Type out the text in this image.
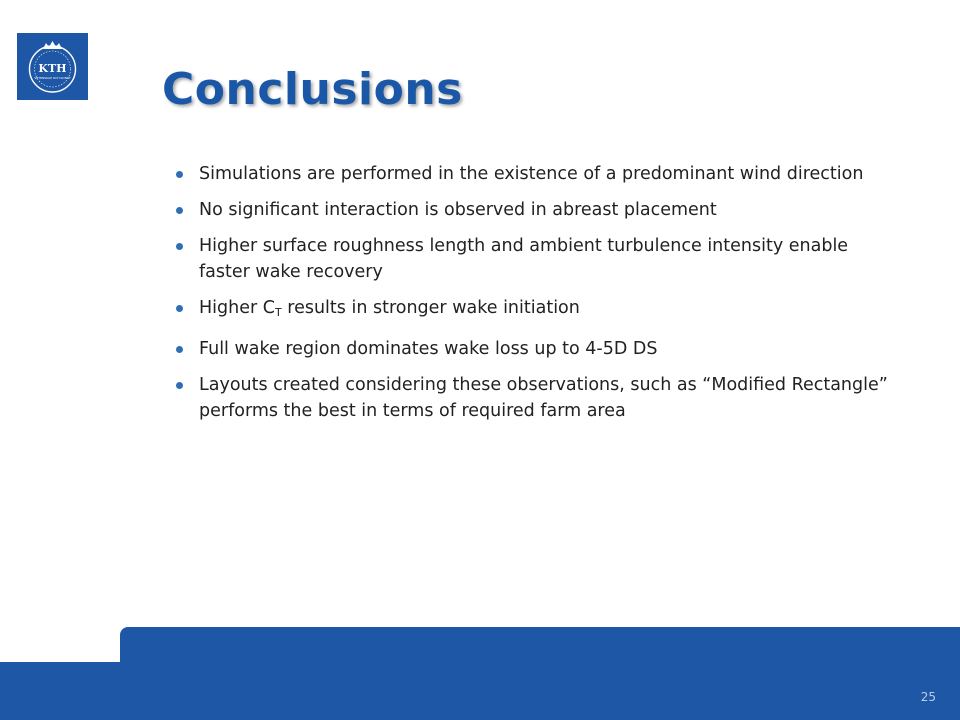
KTH
VETENSKAP OCH KONST Conclusions
Simulations are performed in the existence of a predominant wind direction
No significant interaction is observed in abreast placement
Higher surface roughness length and ambient turbulence intensity enable faster wake recovery
Higher $C_T$ results in stronger wake initiation
Full wake region dominates wake loss up to 4-5D DS
Layouts created considering these observations, such as “Modified Rectangle” performs the best in terms of required farm area
25
